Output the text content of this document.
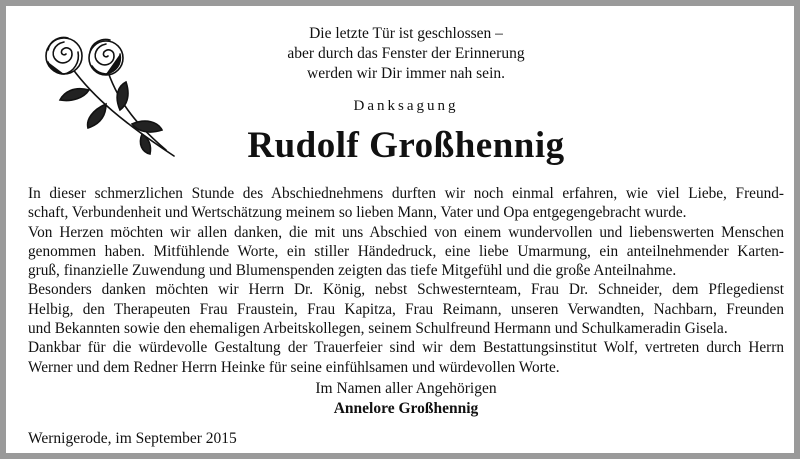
Die letzte Tür ist geschlossen –
aber durch das Fenster der Erinnerung
werden wir Dir immer nah sein.
Danksagung
Rudolf Großhennig
In dieser schmerzlichen Stunde des Abschiednehmens durften wir noch einmal erfahren, wie viel Liebe, Freund-
schaft, Verbundenheit und Wertschätzung meinem so lieben Mann, Vater und Opa entgegengebracht wurde.
Von Herzen möchten wir allen danken, die mit uns Abschied von einem wundervollen und liebenswerten Menschen
genommen haben. Mitfühlende Worte, ein stiller Händedruck, eine liebe Umarmung, ein anteilnehmender Karten-
gruß, finanzielle Zuwendung und Blumenspenden zeigten das tiefe Mitgefühl und die große Anteilnahme.
Besonders danken möchten wir Herrn Dr. König, nebst Schwesternteam, Frau Dr. Schneider, dem Pflegedienst
Helbig, den Therapeuten Frau Fraustein, Frau Kapitza, Frau Reimann, unseren Verwandten, Nachbarn, Freunden
und Bekannten sowie den ehemaligen Arbeitskollegen, seinem Schulfreund Hermann und Schulkameradin Gisela.
Dankbar für die würdevolle Gestaltung der Trauerfeier sind wir dem Bestattungsinstitut Wolf, vertreten durch Herrn
Werner und dem Redner Herrn Heinke für seine einfühlsamen und würdevollen Worte.
Im Namen aller Angehörigen
Annelore Großhennig
Wernigerode, im September 2015
